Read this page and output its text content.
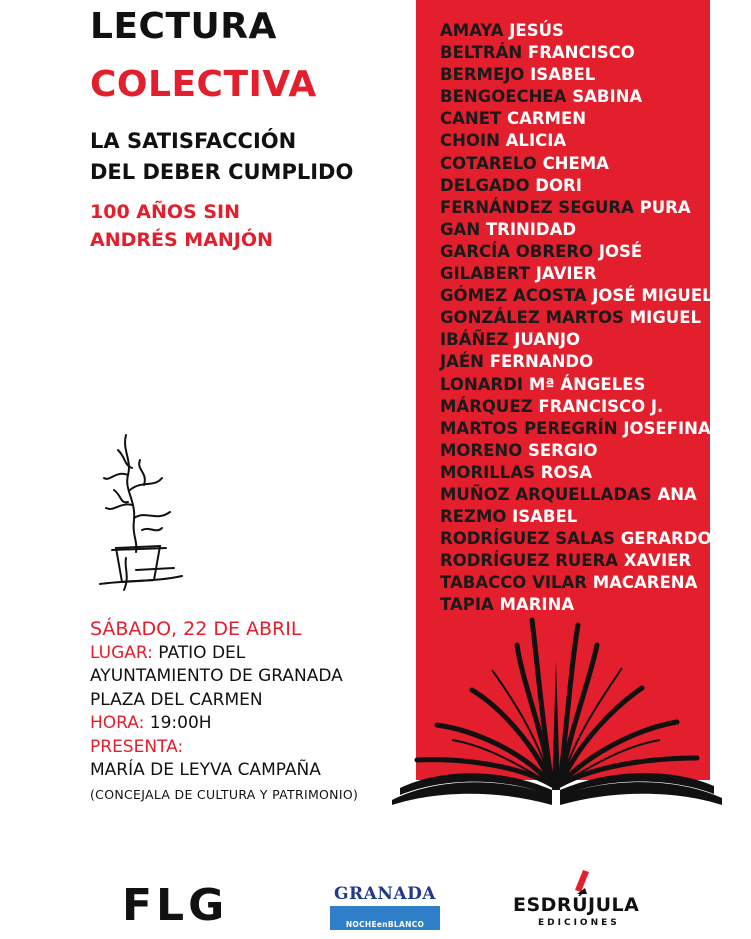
LECTURA
COLECTIVA
LA SATISFACCIÓN
DEL DEBER CUMPLIDO
100 AÑOS SIN
ANDRÉS MANJÓN
AMAYA JESÚS
BELTRÁN FRANCISCO
BERMEJO ISABEL
BENGOECHEA SABINA
CANET CARMEN
CHOIN ALICIA
COTARELO CHEMA
DELGADO DORI
FERNÁNDEZ SEGURA PURA
GAN TRINIDAD
GARCÍA OBRERO JOSÉ
GILABERT JAVIER
GÓMEZ ACOSTA JOSÉ MIGUEL
GONZÁLEZ MARTOS MIGUEL
IBÁÑEZ JUANJO
JAÉN FERNANDO
LONARDI Mª ÁNGELES
MÁRQUEZ FRANCISCO J.
MARTOS PEREGRÍN JOSEFINA
MORENO SERGIO
MORILLAS ROSA
MUÑOZ ARQUELLADAS ANA
REZMO ISABEL
RODRÍGUEZ SALAS GERARDO
RODRÍGUEZ RUERA XAVIER
TABACCO VILAR MACARENA
TAPIA MARINA
SÁBADO, 22 DE ABRIL
LUGAR: PATIO DEL
AYUNTAMIENTO DE GRANADA
PLAZA DEL CARMEN
HORA: 19:00H
PRESENTA:
MARÍA DE LEYVA CAMPAÑA
(CONCEJALA DE CULTURA Y PATRIMONIO)
FLG	GRANADA
NOCHEenBLANCO
ESDRÚJULA
EDICIONES
